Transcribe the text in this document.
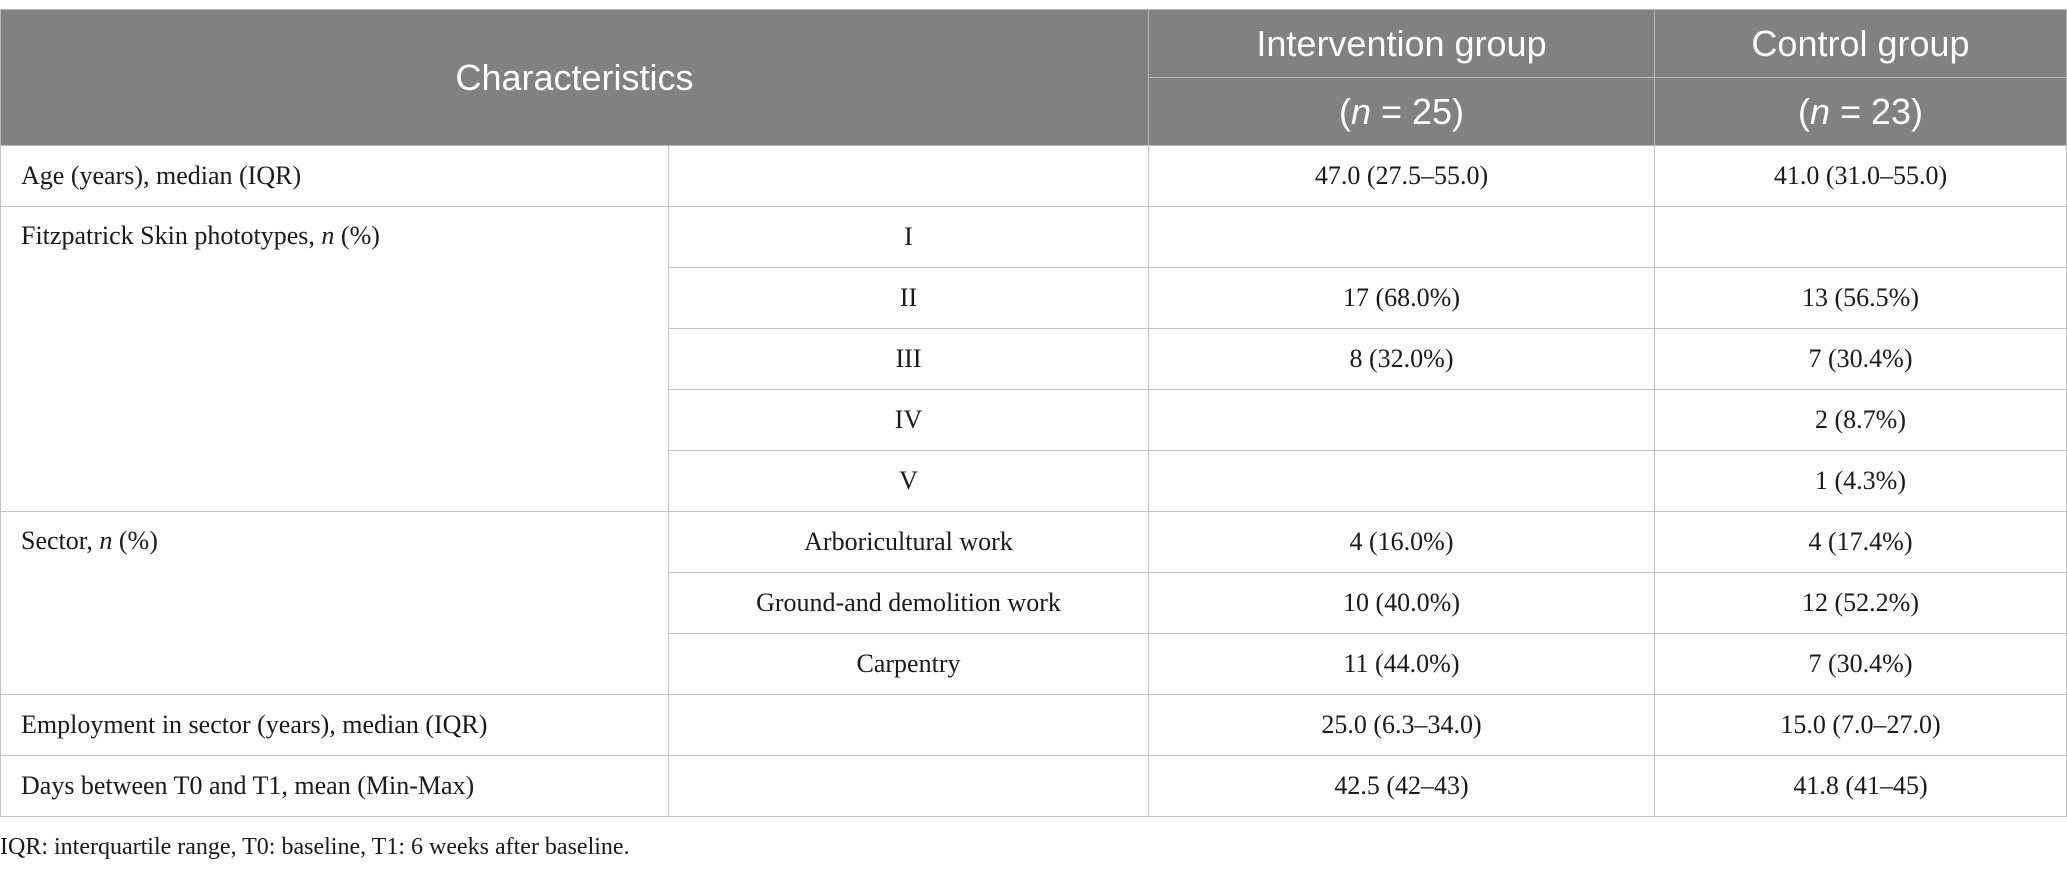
Characteristics		Intervention group	Control group
		(n = 25)	(n = 23)
Age (years), median (IQR)		47.0 (27.5–55.0)	41.0 (31.0–55.0)
Fitzpatrick Skin phototypes, n (%)	I		
	II	17 (68.0%)	13 (56.5%)
	III	8 (32.0%)	7 (30.4%)
	IV		2 (8.7%)
	V		1 (4.3%)
Sector, n (%)	Arboricultural work	4 (16.0%)	4 (17.4%)
	Ground-and demolition work	10 (40.0%)	12 (52.2%)
	Carpentry	11 (44.0%)	7 (30.4%)
Employment in sector (years), median (IQR)		25.0 (6.3–34.0)	15.0 (7.0–27.0)
Days between T0 and T1, mean (Min-Max)		42.5 (42–43)	41.8 (41–45)
IQR: interquartile range, T0: baseline, T1: 6 weeks after baseline.
